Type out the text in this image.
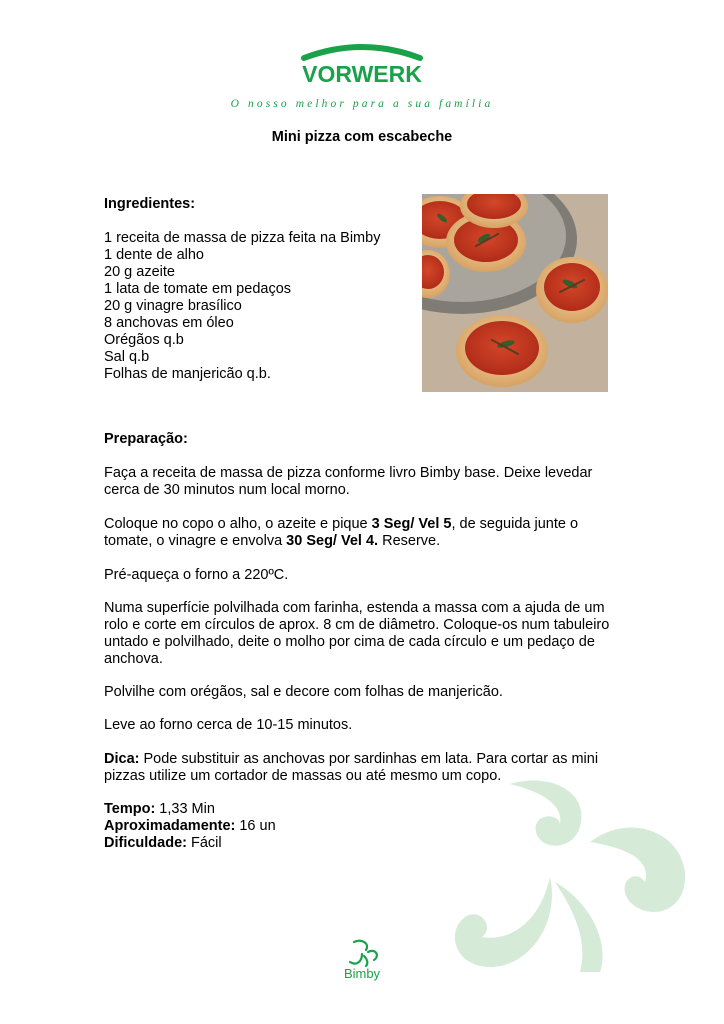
VORWERK
O nosso melhor para a sua família
Mini pizza com escabeche
Ingredientes:
1 receita de massa de pizza feita na Bimby
1 dente de alho
20 g azeite
1 lata de tomate em pedaços
20 g vinagre brasílico
8 anchovas em óleo
Orégãos q.b
Sal q.b
Folhas de manjericão q.b.
Preparação:

Faça a receita de massa de pizza conforme livro Bimby base. Deixe levedar cerca de 30 minutos num local morno.

Coloque no copo o alho, o azeite e pique 3 Seg/ Vel 5, de seguida junte o tomate, o vinagre e envolva 30 Seg/ Vel 4. Reserve.

Pré-aqueça o forno a 220ºC.

Numa superfície polvilhada com farinha, estenda a massa com a ajuda de um rolo e corte em círculos de aprox. 8 cm de diâmetro. Coloque-os num tabuleiro untado e polvilhado, deite o molho por cima de cada círculo e um pedaço de anchova.

Polvilhe com orégãos, sal e decore com folhas de manjericão.

Leve ao forno cerca de 10-15 minutos.

Dica: Pode substituir as anchovas por sardinhas em lata. Para cortar as mini pizzas utilize um cortador de massas ou até mesmo um copo.

Tempo: 1,33 Min
Aproximadamente: 16 un
Dificuldade: Fácil
Bimby
